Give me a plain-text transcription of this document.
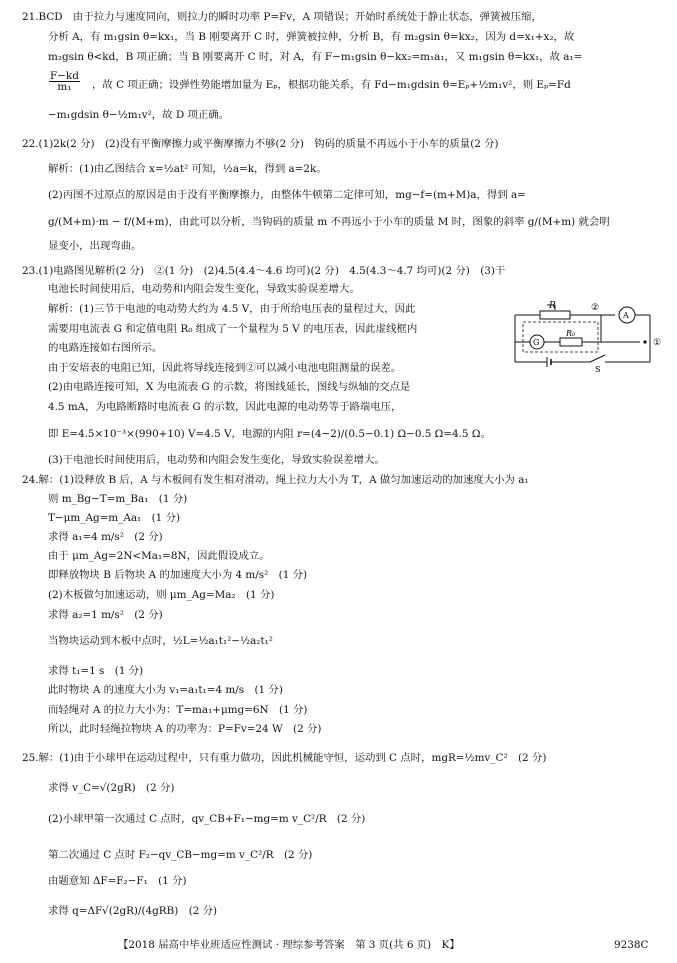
21.BCD　由于拉力与速度同向，则拉力的瞬时功率 P=Fv，A 项错误；开始时系统处于静止状态，弹簧被压缩，
分析 A，有 m₁gsin θ=kx₁，当 B 刚要离开 C 时，弹簧被拉伸，分析 B，有 m₂gsin θ=kx₂，因为 d=x₁+x₂，故
m₂gsin θ<kd，B 项正确；当 B 刚要离开 C 时，对 A，有 F−m₁gsin θ−kx₂=m₁a₁，又 m₁gsin θ=kx₁，故 a₁=
，故 C 项正确；设弹性势能增加量为 Eₚ，根据功能关系，有 Fd−m₁gdsin θ=Eₚ+½m₁v²，则 Eₚ=Fd
−m₁gdsin θ−½m₁v²，故 D 项正确。
22.(1)2k(2 分)　(2)没有平衡摩擦力或平衡摩擦力不够(2 分)　钩码的质量不再远小于小车的质量(2 分)
解析：(1)由乙图结合 x=½at² 可知，½a=k，得到 a=2k。
(2)丙图不过原点的原因是由于没有平衡摩擦力，由整体牛顿第二定律可知，mg−f=(m+M)a，得到 a=
g/(M+m)·m − f/(M+m)，由此可以分析，当钩码的质量 m 不再远小于小车的质量 M 时，图象的斜率 g/(M+m) 就会明
显变小，出现弯曲。
23.(1)电路图见解析(2 分)　②(1 分)　(2)4.5(4.4～4.6 均可)(2 分)　4.5(4.3～4.7 均可)(2 分)　(3)干
电池长时间使用后，电动势和内阻会发生变化，导致实验误差增大。
解析：(1)三节干电池的电动势大约为 4.5 V，由于所给电压表的量程过大，因此
需要用电流表 G 和定值电阻 R₀ 组成了一个量程为 5 V 的电压表，因此虚线框内
的电路连接如右图所示。
由于安培表的电阻已知，因此将导线连接到②可以减小电池电阻测量的误差。
(2)由电路连接可知，X 为电流表 G 的示数，将图线延长，图线与纵轴的交点是
4.5 mA，为电路断路时电流表 G 的示数，因此电源的电动势等于路端电压，
即 E=4.5×10⁻³×(990+10) V=4.5 V，电源的内阻 r=(4−2)/(0.5−0.1) Ω−0.5 Ω=4.5 Ω。
(3)干电池长时间使用后，电动势和内阻会发生变化，导致实验误差增大。
24.解：(1)设释放 B 后，A 与木板间有发生相对滑动，绳上拉力大小为 T，A 做匀加速运动的加速度大小为 a₁
则 m_Bg−T=m_Ba₁　(1 分)
T−μm_Ag=m_Aa₁　(1 分)
求得 a₁=4 m/s²　(2 分)
由于 μm_Ag=2N<Ma₁=8N，因此假设成立。
即释放物块 B 后物块 A 的加速度大小为 4 m/s²　(1 分)
(2)木板做匀加速运动，则 μm_Ag=Ma₂　(1 分)
求得 a₂=1 m/s²　(2 分)
当物块运动到木板中点时，½L=½a₁t₁²−½a₂t₁²
求得 t₁=1 s　(1 分)
此时物块 A 的速度大小为 v₁=a₁t₁=4 m/s　(1 分)
而轻绳对 A 的拉力大小为：T=ma₁+μmg=6N　(1 分)
所以，此时轻绳拉物块 A 的功率为：P=Fv=24 W　(2 分)
25.解：(1)由于小球甲在运动过程中，只有重力做功，因此机械能守恒，运动到 C 点时，mgR=½mv_C²　(2 分)
求得 v_C=√(2gR)　(2 分)
(2)小球甲第一次通过 C 点时，qv_CB+F₁−mg=m v_C²/R　(2 分)
第二次通过 C 点时 F₂−qv_CB−mg=m v_C²/R　(2 分)
由题意知 ΔF=F₂−F₁　(1 分)
求得 q=ΔF√(2gR)/(4gRB)　(2 分)
$\frac{F-kd}{\text{m₁}}$
R
R₀
G
A
S
①
②
【2018 届高中毕业班适应性测试 · 理综参考答案　第 3 页(共 6 页)　K】	9238C
